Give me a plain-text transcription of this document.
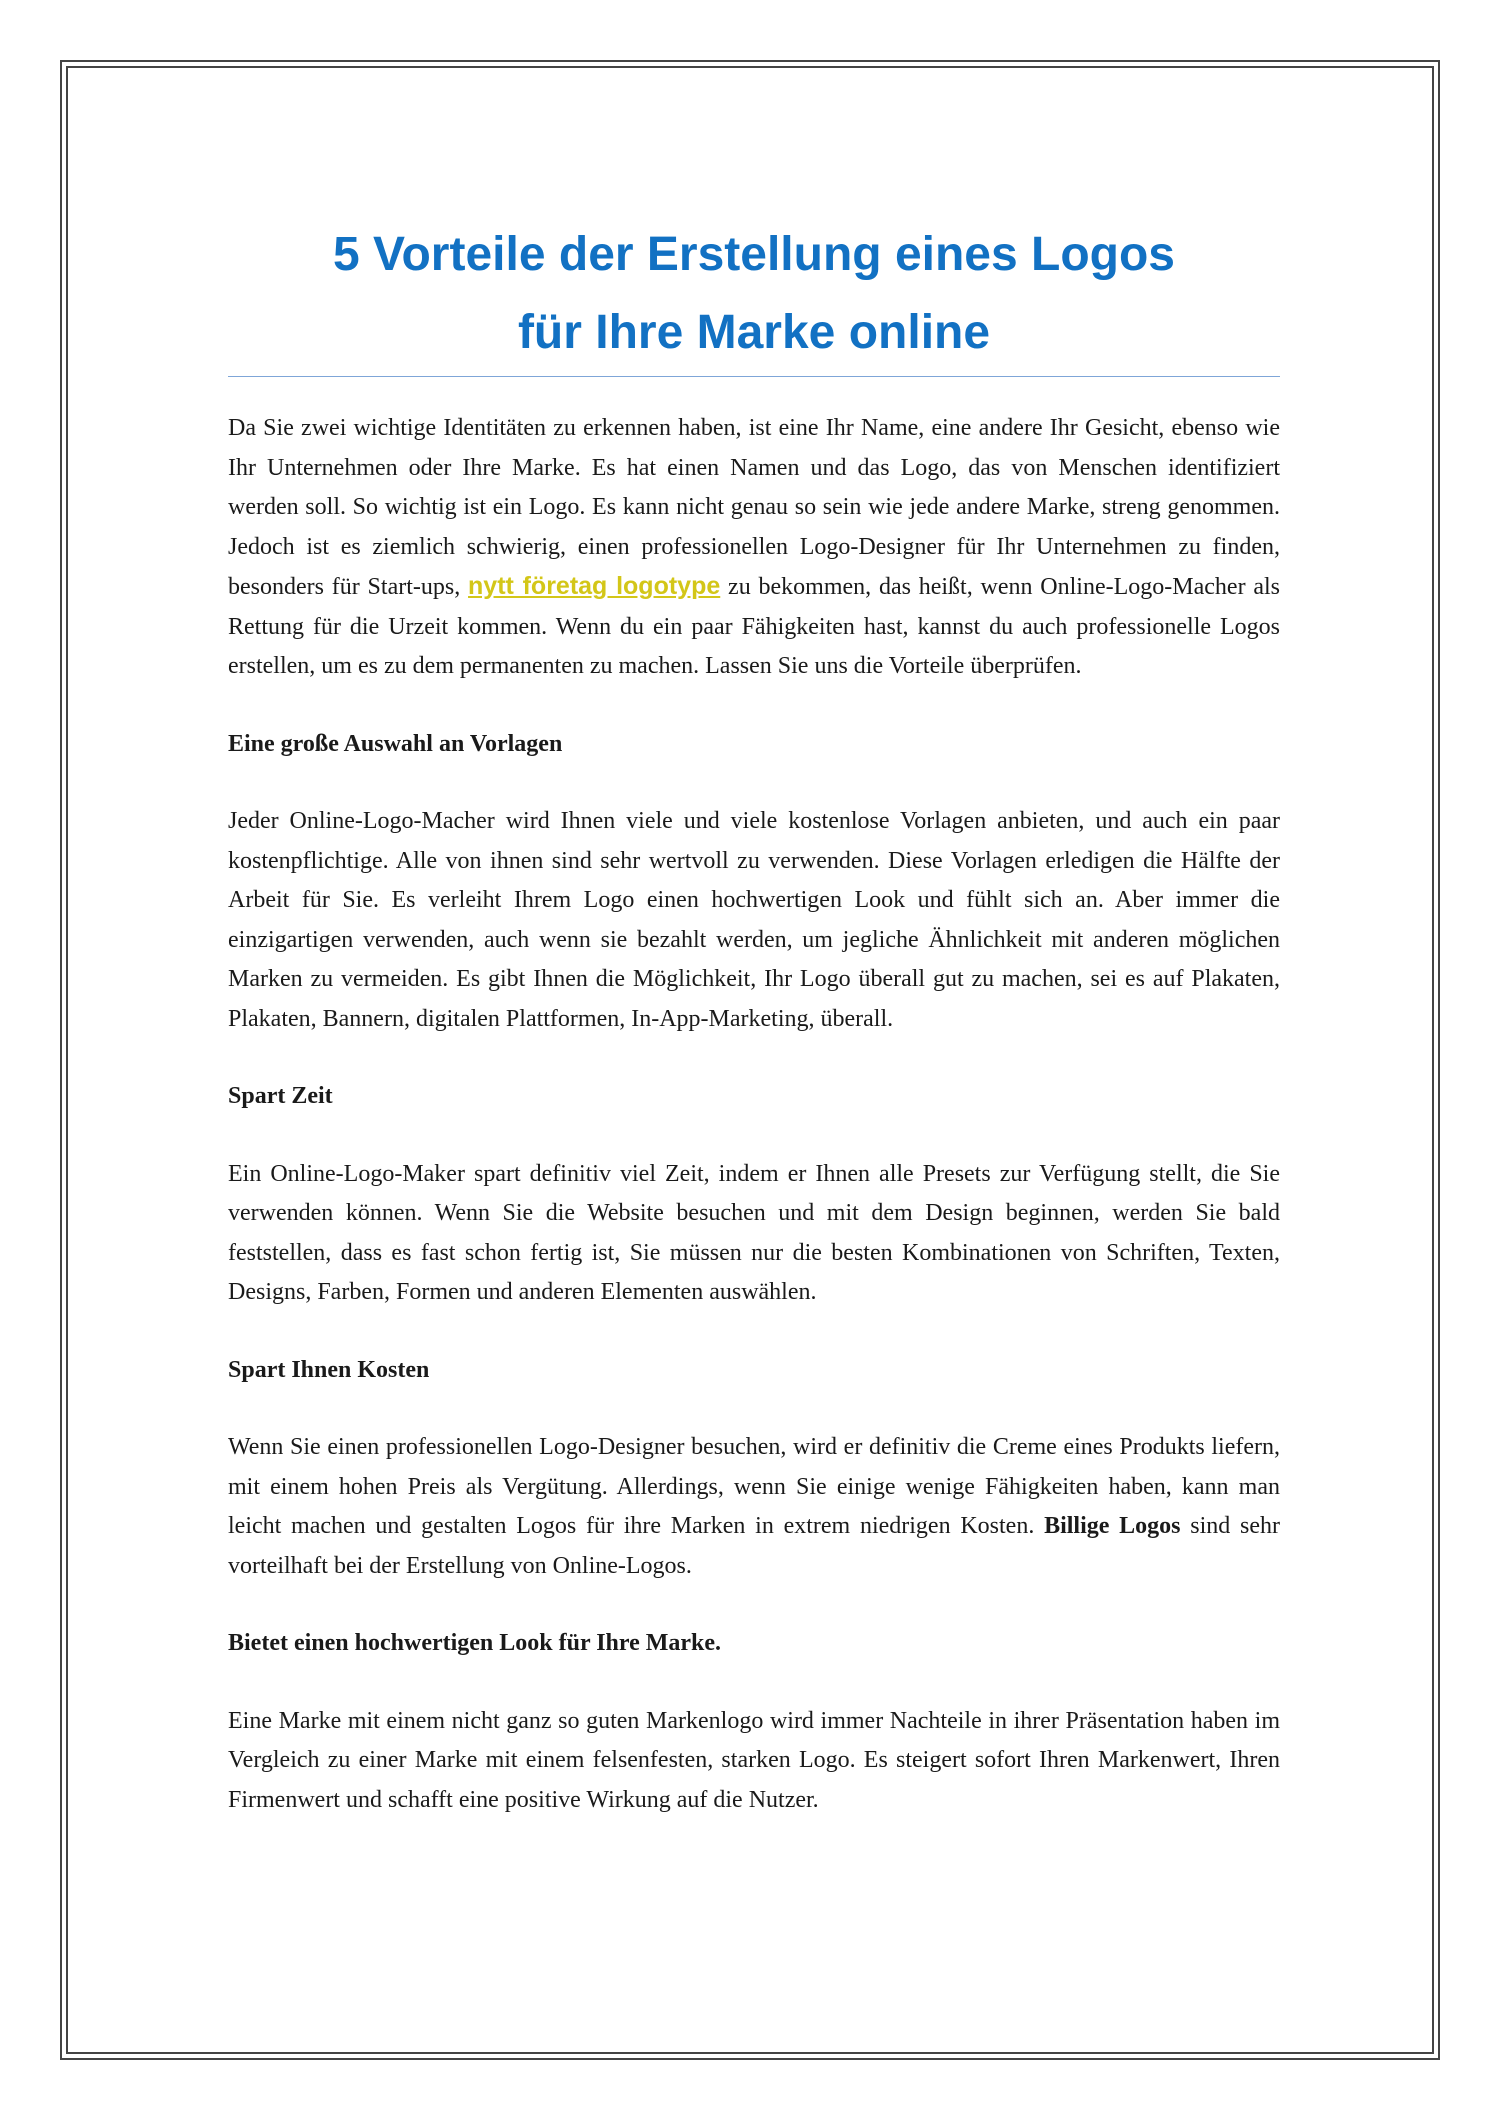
5 Vorteile der Erstellung eines Logos
für Ihre Marke online

Da Sie zwei wichtige Identitäten zu erkennen haben, ist eine Ihr Name, eine andere Ihr Gesicht, ebenso wie Ihr Unternehmen oder Ihre Marke. Es hat einen Namen und das Logo, das von Menschen identifiziert werden soll. So wichtig ist ein Logo. Es kann nicht genau so sein wie jede andere Marke, streng genommen. Jedoch ist es ziemlich schwierig, einen professionellen Logo-Designer für Ihr Unternehmen zu finden, besonders für Start-ups, nytt företag logotype zu bekommen, das heißt, wenn Online-Logo-Macher als Rettung für die Urzeit kommen. Wenn du ein paar Fähigkeiten hast, kannst du auch professionelle Logos erstellen, um es zu dem permanenten zu machen. Lassen Sie uns die Vorteile überprüfen.

Eine große Auswahl an Vorlagen

Jeder Online-Logo-Macher wird Ihnen viele und viele kostenlose Vorlagen anbieten, und auch ein paar kostenpflichtige. Alle von ihnen sind sehr wertvoll zu verwenden. Diese Vorlagen erledigen die Hälfte der Arbeit für Sie. Es verleiht Ihrem Logo einen hochwertigen Look und fühlt sich an. Aber immer die einzigartigen verwenden, auch wenn sie bezahlt werden, um jegliche Ähnlichkeit mit anderen möglichen Marken zu vermeiden. Es gibt Ihnen die Möglichkeit, Ihr Logo überall gut zu machen, sei es auf Plakaten, Plakaten, Bannern, digitalen Plattformen, In-App-Marketing, überall.

Spart Zeit

Ein Online-Logo-Maker spart definitiv viel Zeit, indem er Ihnen alle Presets zur Verfügung stellt, die Sie verwenden können. Wenn Sie die Website besuchen und mit dem Design beginnen, werden Sie bald feststellen, dass es fast schon fertig ist, Sie müssen nur die besten Kombinationen von Schriften, Texten, Designs, Farben, Formen und anderen Elementen auswählen.

Spart Ihnen Kosten

Wenn Sie einen professionellen Logo-Designer besuchen, wird er definitiv die Creme eines Produkts liefern, mit einem hohen Preis als Vergütung. Allerdings, wenn Sie einige wenige Fähigkeiten haben, kann man leicht machen und gestalten Logos für ihre Marken in extrem niedrigen Kosten. Billige Logos sind sehr vorteilhaft bei der Erstellung von Online-Logos.

Bietet einen hochwertigen Look für Ihre Marke.

Eine Marke mit einem nicht ganz so guten Markenlogo wird immer Nachteile in ihrer Präsentation haben im Vergleich zu einer Marke mit einem felsenfesten, starken Logo. Es steigert sofort Ihren Markenwert, Ihren Firmenwert und schafft eine positive Wirkung auf die Nutzer.
